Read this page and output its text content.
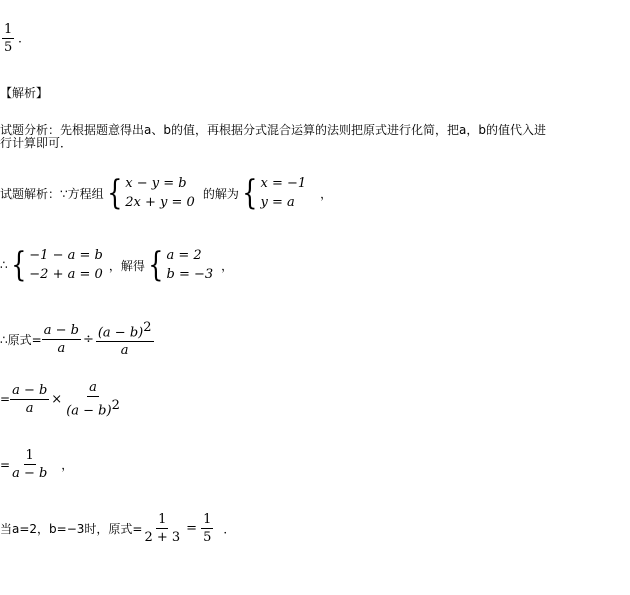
$\frac{1}{5}$ ．
【解析】
试题分析：先根据题意得出a、b的值，再根据分式混合运算的法则把原式进行化简，把a，b的值代入进
行计算即可．
试题解析：∵方程组 { x − y = b
2x + y = 0
的解为 { x = −1
y = a
，
∴ { −1 − a = b
−2 + a = 0
，解得 { a = 2
b = −3
，
∴原式= $\frac{a - b}{a} \div \frac{(a - b)^2}{a}$
= $\frac{a - b}{a} \times \frac{a}{(a - b)^2}$
= $\frac{1}{a - b}$ ，
当a=2，b=−3时，原式= $\frac{1}{2 + 3} = \frac{1}{5}$ ．
